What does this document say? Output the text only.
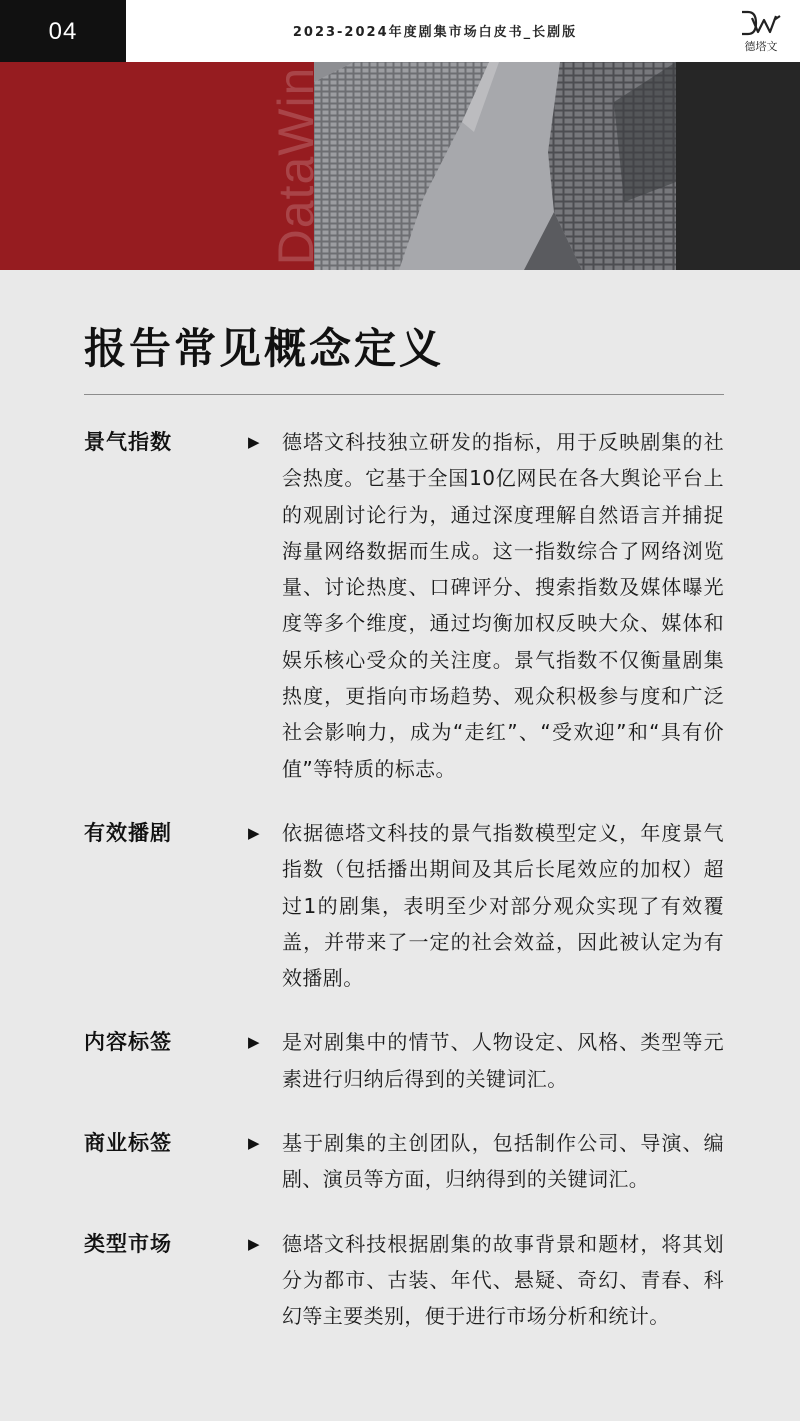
04	2023-2024年度剧集市场白皮书_长剧版
德塔文
DataWin
报告常见概念定义
景气指数	▶	德塔文科技独立研发的指标，用于反映剧集的社会热度。它基于全国10亿网民在各大舆论平台上的观剧讨论行为，通过深度理解自然语言并捕捉海量网络数据而生成。这一指数综合了网络浏览量、讨论热度、口碑评分、搜索指数及媒体曝光度等多个维度，通过均衡加权反映大众、媒体和娱乐核心受众的关注度。景气指数不仅衡量剧集热度，更指向市场趋势、观众积极参与度和广泛社会影响力，成为“走红”、“受欢迎”和“具有价值”等特质的标志。
有效播剧	▶	依据德塔文科技的景气指数模型定义，年度景气指数（包括播出期间及其后长尾效应的加权）超过1的剧集，表明至少对部分观众实现了有效覆盖，并带来了一定的社会效益，因此被认定为有效播剧。
内容标签	▶	是对剧集中的情节、人物设定、风格、类型等元素进行归纳后得到的关键词汇。
商业标签	▶	基于剧集的主创团队，包括制作公司、导演、编剧、演员等方面，归纳得到的关键词汇。
类型市场	▶	德塔文科技根据剧集的故事背景和题材，将其划分为都市、古装、年代、悬疑、奇幻、青春、科幻等主要类别，便于进行市场分析和统计。
